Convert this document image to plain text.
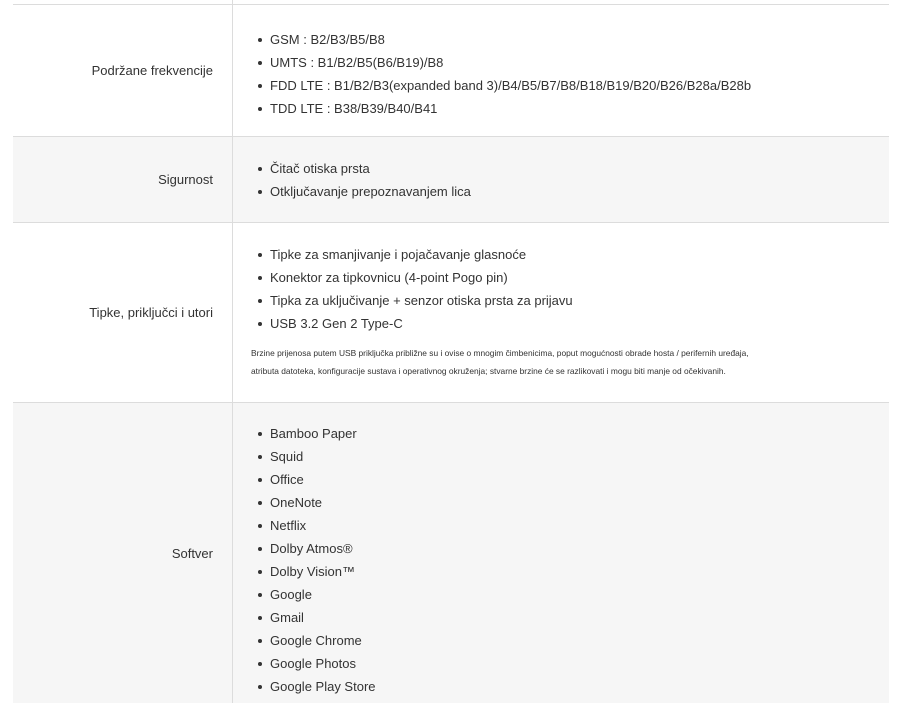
Podržane frekvencije
GSM : B2/B3/B5/B8
UMTS : B1/B2/B5(B6/B19)/B8
FDD LTE : B1/B2/B3(expanded band 3)/B4/B5/B7/B8/B18/B19/B20/B26/B28a/B28b
TDD LTE : B38/B39/B40/B41
Sigurnost
Čitač otiska prsta
Otključavanje prepoznavanjem lica
Tipke, priključci i utori
Tipke za smanjivanje i pojačavanje glasnoće
Konektor za tipkovnicu (4-point Pogo pin)
Tipka za uključivanje + senzor otiska prsta za prijavu
USB 3.2 Gen 2 Type-C
Brzine prijenosa putem USB priključka približne su i ovise o mnogim čimbenicima, poput mogućnosti obrade hosta / perifernih uređaja,
atributa datoteka, konfiguracije sustava i operativnog okruženja; stvarne brzine će se razlikovati i mogu biti manje od očekivanih.
Softver
Bamboo Paper
Squid
Office
OneNote
Netflix
Dolby Atmos®
Dolby Vision™
Google
Gmail
Google Chrome
Google Photos
Google Play Store
